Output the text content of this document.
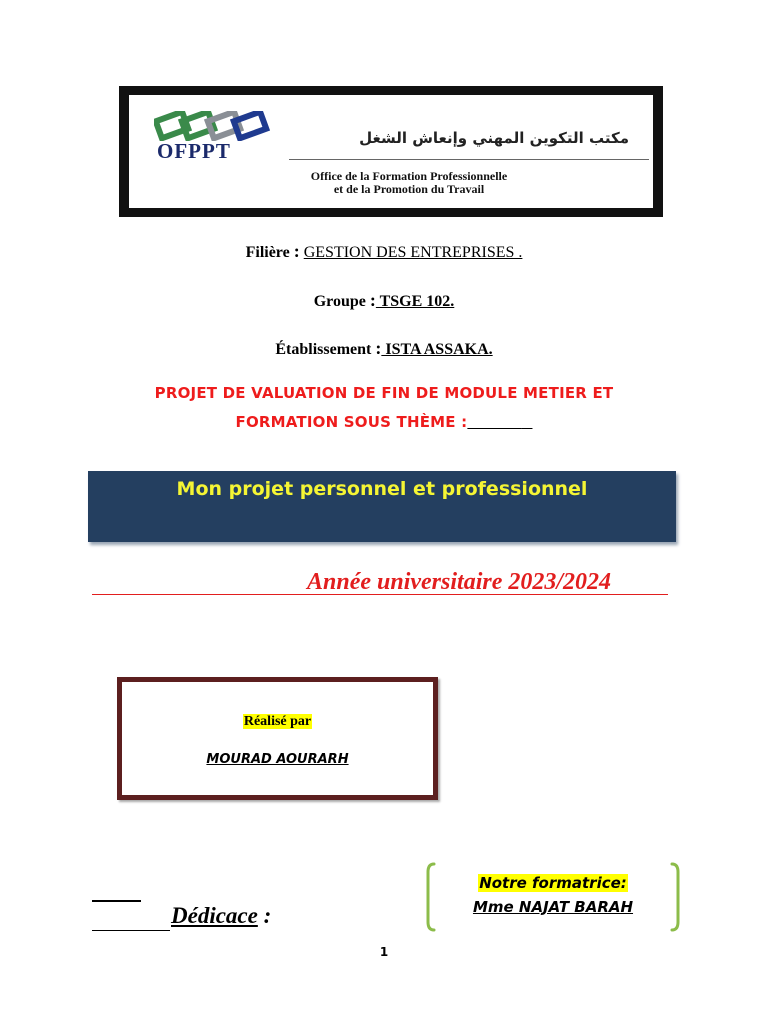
OFPPT
مكتب التكوين المهني وإنعاش الشغل
Office de la Formation Professionnelle
et de la Promotion du Travail
Filière : GESTION DES ENTREPRISES .
Groupe : TSGE 102.
Établissement : ISTA ASSAKA.
PROJET DE VALUATION DE FIN DE MODULE METIER ET
FORMATION SOUS THÈME :
Mon projet personnel et professionnel
Année universitaire 2023/2024
Réalisé par
MOURAD AOURARH
Notre formatrice:
Mme NAJAT BARAH
Dédicace :
1
